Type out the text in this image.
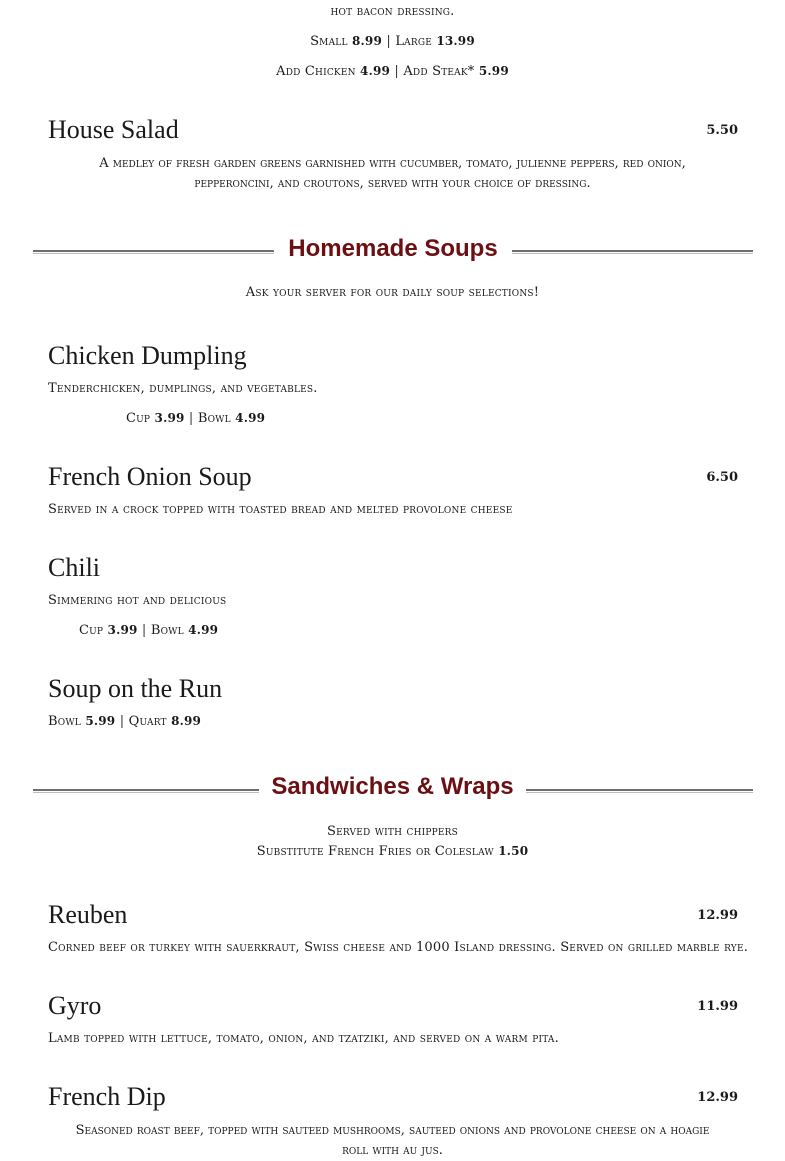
hot bacon dressing.
Small 8.99 | Large 13.99
Add Chicken 4.99 | Add Steak* 5.99
House Salad	5.50
A medley of fresh garden greens garnished with cucumber, tomato, julienne peppers, red onion,
pepperoncini, and croutons, served with your choice of dressing.
Homemade Soups
Ask your server for our daily soup selections!
Chicken Dumpling
Tenderchicken, dumplings, and vegetables.
Cup 3.99 | Bowl 4.99
French Onion Soup	6.50
Served in a crock topped with toasted bread and melted provolone cheese
Chili
Simmering hot and delicious
Cup 3.99 | Bowl 4.99
Soup on the Run
Bowl 5.99 | Quart 8.99
Sandwiches & Wraps
Served with chippers
Substitute French Fries or Coleslaw 1.50
Reuben	12.99
Corned beef or turkey with sauerkraut, Swiss cheese and 1000 Island dressing. Served on grilled marble rye.
Gyro	11.99
Lamb topped with lettuce, tomato, onion, and tzatziki, and served on a warm pita.
French Dip	12.99
Seasoned roast beef, topped with sauteed mushrooms, sauteed onions and provolone cheese on a hoagie
roll with au jus.
